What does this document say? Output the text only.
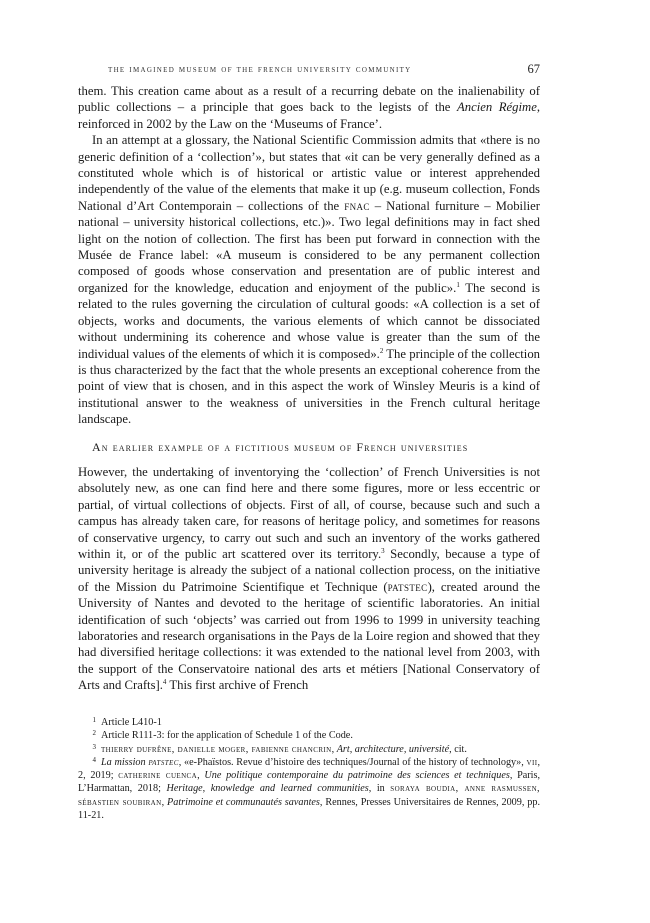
the imagined museum of the french university community	67

them. This creation came about as a result of a recurring debate on the inalienability of public collections – a principle that goes back to the legists of the Ancien Régime, reinforced in 2002 by the Law on the ‘Museums of France’.

In an attempt at a glossary, the National Scientific Commission admits that «there is no generic definition of a ‘collection’», but states that «it can be very generally defined as a constituted whole which is of historical or artistic value or interest apprehended independently of the value of the elements that make it up (e.g. museum collection, Fonds National d’Art Contemporain – collections of the fnac – National furniture – Mobilier national – university historical collections, etc.)». Two legal definitions may in fact shed light on the notion of collection. The first has been put forward in connection with the Musée de France label: «A museum is considered to be any permanent collection composed of goods whose conservation and presentation are of public interest and organized for the knowledge, education and enjoyment of the public».$^1$ The second is related to the rules governing the circulation of cultural goods: «A collection is a set of objects, works and documents, the various elements of which cannot be dissociated without undermining its coherence and whose value is greater than the sum of the individual values of the elements of which it is composed».$^2$ The principle of the collection is thus characterized by the fact that the whole presents an exceptional coherence from the point of view that is chosen, and in this aspect the work of Winsley Meuris is a kind of institutional answer to the weakness of universities in the French cultural heritage landscape.

An earlier example of a fictitious museum of French universities

However, the undertaking of inventorying the ‘collection’ of French Universities is not absolutely new, as one can find here and there some figures, more or less eccentric or partial, of virtual collections of objects. First of all, of course, because such and such a campus has already taken care, for reasons of heritage policy, and sometimes for reasons of conservative urgency, to carry out such and such an inventory of the works gathered within it, or of the public art scattered over its territory.$^3$ Secondly, because a type of university heritage is already the subject of a national collection process, on the initiative of the Mission du Patrimoine Scientifique et Technique (patstec), created around the University of Nantes and devoted to the heritage of scientific laboratories. An initial identification of such ‘objects’ was carried out from 1996 to 1999 in university teaching laboratories and research organisations in the Pays de la Loire region and showed that they had diversified heritage collections: it was extended to the national level from 2003, with the support of the Conservatoire national des arts et métiers [National Conservatory of Arts and Crafts].$^4$ This first archive of French

1 Article L410-1

2 Article R111-3: for the application of Schedule 1 of the Code.

3 thierry dufrêne, danielle moger, fabienne chancrin, Art, architecture, université, cit.

4 La mission patstec, «e-Phaïstos. Revue d’histoire des techniques/Journal of the history of technology», vii, 2, 2019; catherine cuenca, Une politique contemporaine du patrimoine des sciences et techniques, Paris, L’Harmattan, 2018; Heritage, knowledge and learned communities, in soraya boudia, anne rasmussen, sébastien soubiran, Patrimoine et communautés savantes, Rennes, Presses Universitaires de Rennes, 2009, pp. 11-21.
